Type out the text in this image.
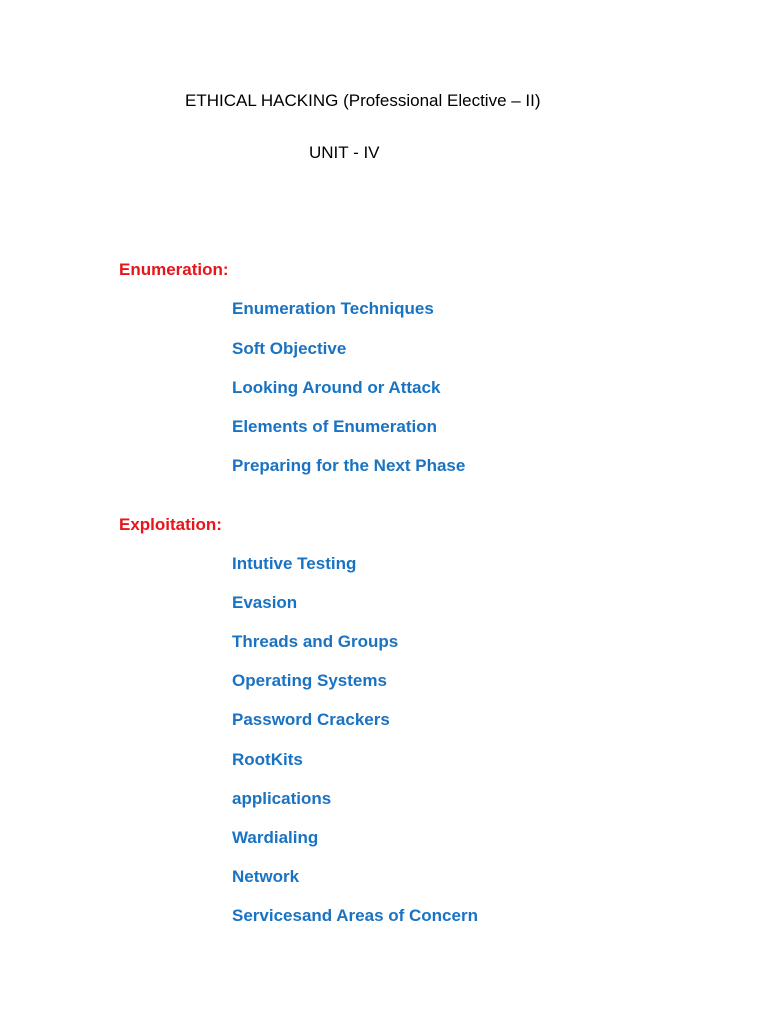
ETHICAL HACKING (Professional Elective – II)
UNIT - IV
Enumeration:
Enumeration Techniques
Soft Objective
Looking Around or Attack
Elements of Enumeration
Preparing for the Next Phase
Exploitation:
Intutive Testing
Evasion
Threads and Groups
Operating Systems
Password Crackers
RootKits
applications
Wardialing
Network
Servicesand Areas of Concern
